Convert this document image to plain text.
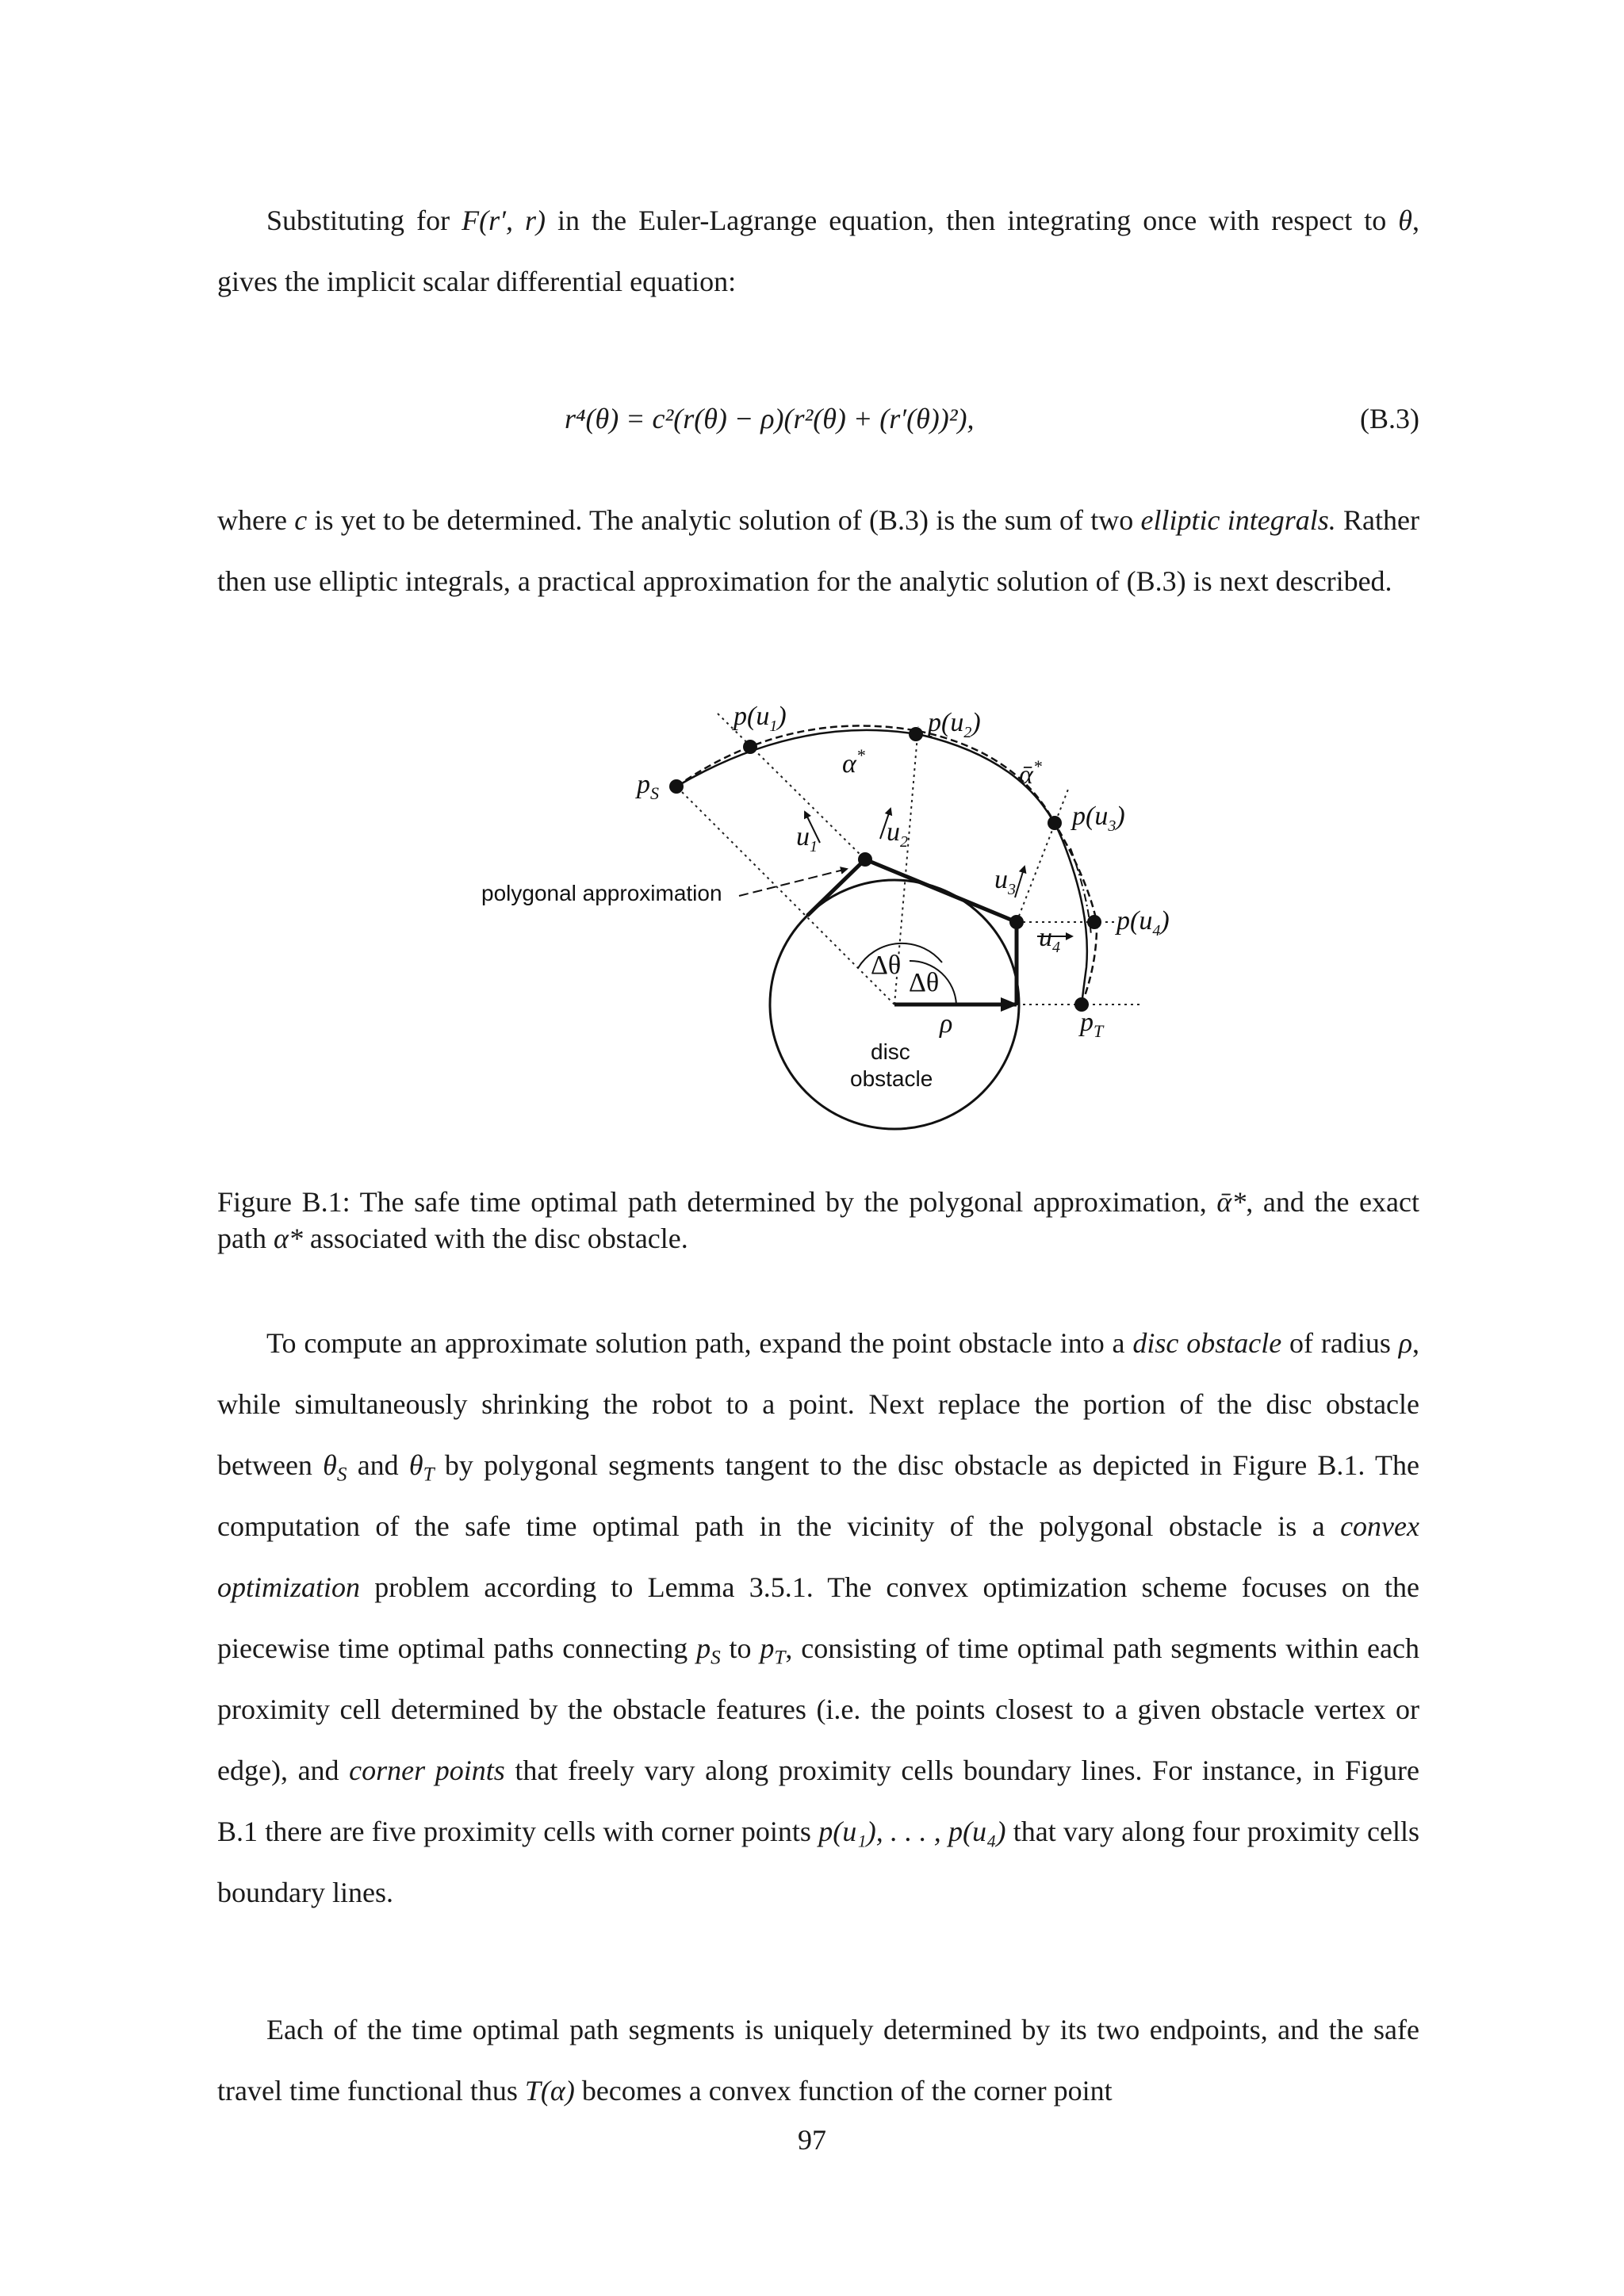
Substituting for F(r′, r) in the Euler-Lagrange equation, then integrating once with respect to θ, gives the implicit scalar differential equation:

r⁴(θ) = c²(r(θ) − ρ)(r²(θ) + (r′(θ))²),	(B.3)

where c is yet to be determined. The analytic solution of (B.3) is the sum of two elliptic integrals. Rather then use elliptic integrals, a practical approximation for the analytic solution of (B.3) is next described.

$p_S$
$p_T$
$p(u_1)$	$p(u_2)$
$p(u_3)$
$p(u_4)$
α*
ᾱ*
$u_1$	$u_2$
$u_3$
$u_4$
Δθ
Δθ
ρ
polygonal approximation
disc
obstacle
Figure B.1: The safe time optimal path determined by the polygonal approximation, ᾱ*, and the exact path α* associated with the disc obstacle.

To compute an approximate solution path, expand the point obstacle into a disc obstacle of radius ρ, while simultaneously shrinking the robot to a point. Next replace the portion of the disc obstacle between $\theta_S$ and $\theta_T$ by polygonal segments tangent to the disc obstacle as depicted in Figure B.1. The computation of the safe time optimal path in the vicinity of the polygonal obstacle is a convex optimization problem according to Lemma 3.5.1. The convex optimization scheme focuses on the piecewise time optimal paths connecting $p_S$ to $p_T$, consisting of time optimal path segments within each proximity cell determined by the obstacle features (i.e. the points closest to a given obstacle vertex or edge), and corner points that freely vary along proximity cells boundary lines. For instance, in Figure B.1 there are five proximity cells with corner points p(u₁), . . . , p(u₄) that vary along four proximity cells boundary lines.

Each of the time optimal path segments is uniquely determined by its two endpoints, and the safe travel time functional thus T(α) becomes a convex function of the corner point

97
